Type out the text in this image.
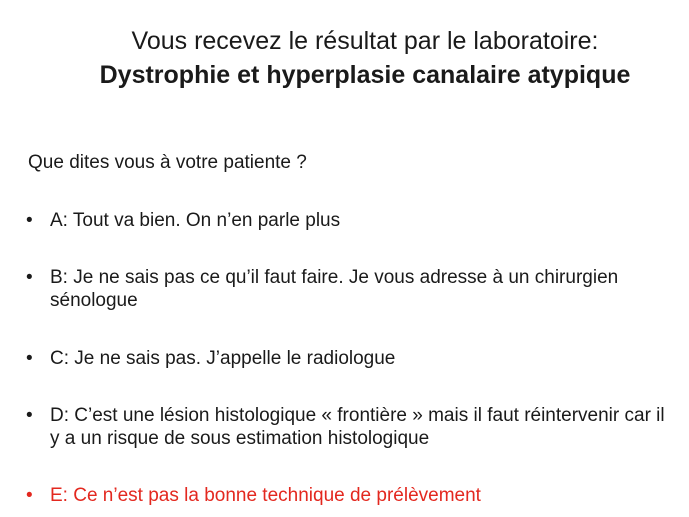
Vous recevez le résultat par le laboratoire:
Dystrophie et hyperplasie canalaire atypique
Que dites vous à votre patiente ?
• A: Tout va bien. On n’en parle plus
• B: Je ne sais pas ce qu’il faut faire. Je vous adresse à un chirurgien sénologue
• C: Je ne sais pas. J’appelle le radiologue
• D: C’est une lésion histologique « frontière » mais il faut réintervenir car il y a un risque de sous estimation histologique
• E: Ce n’est pas la bonne technique de prélèvement
